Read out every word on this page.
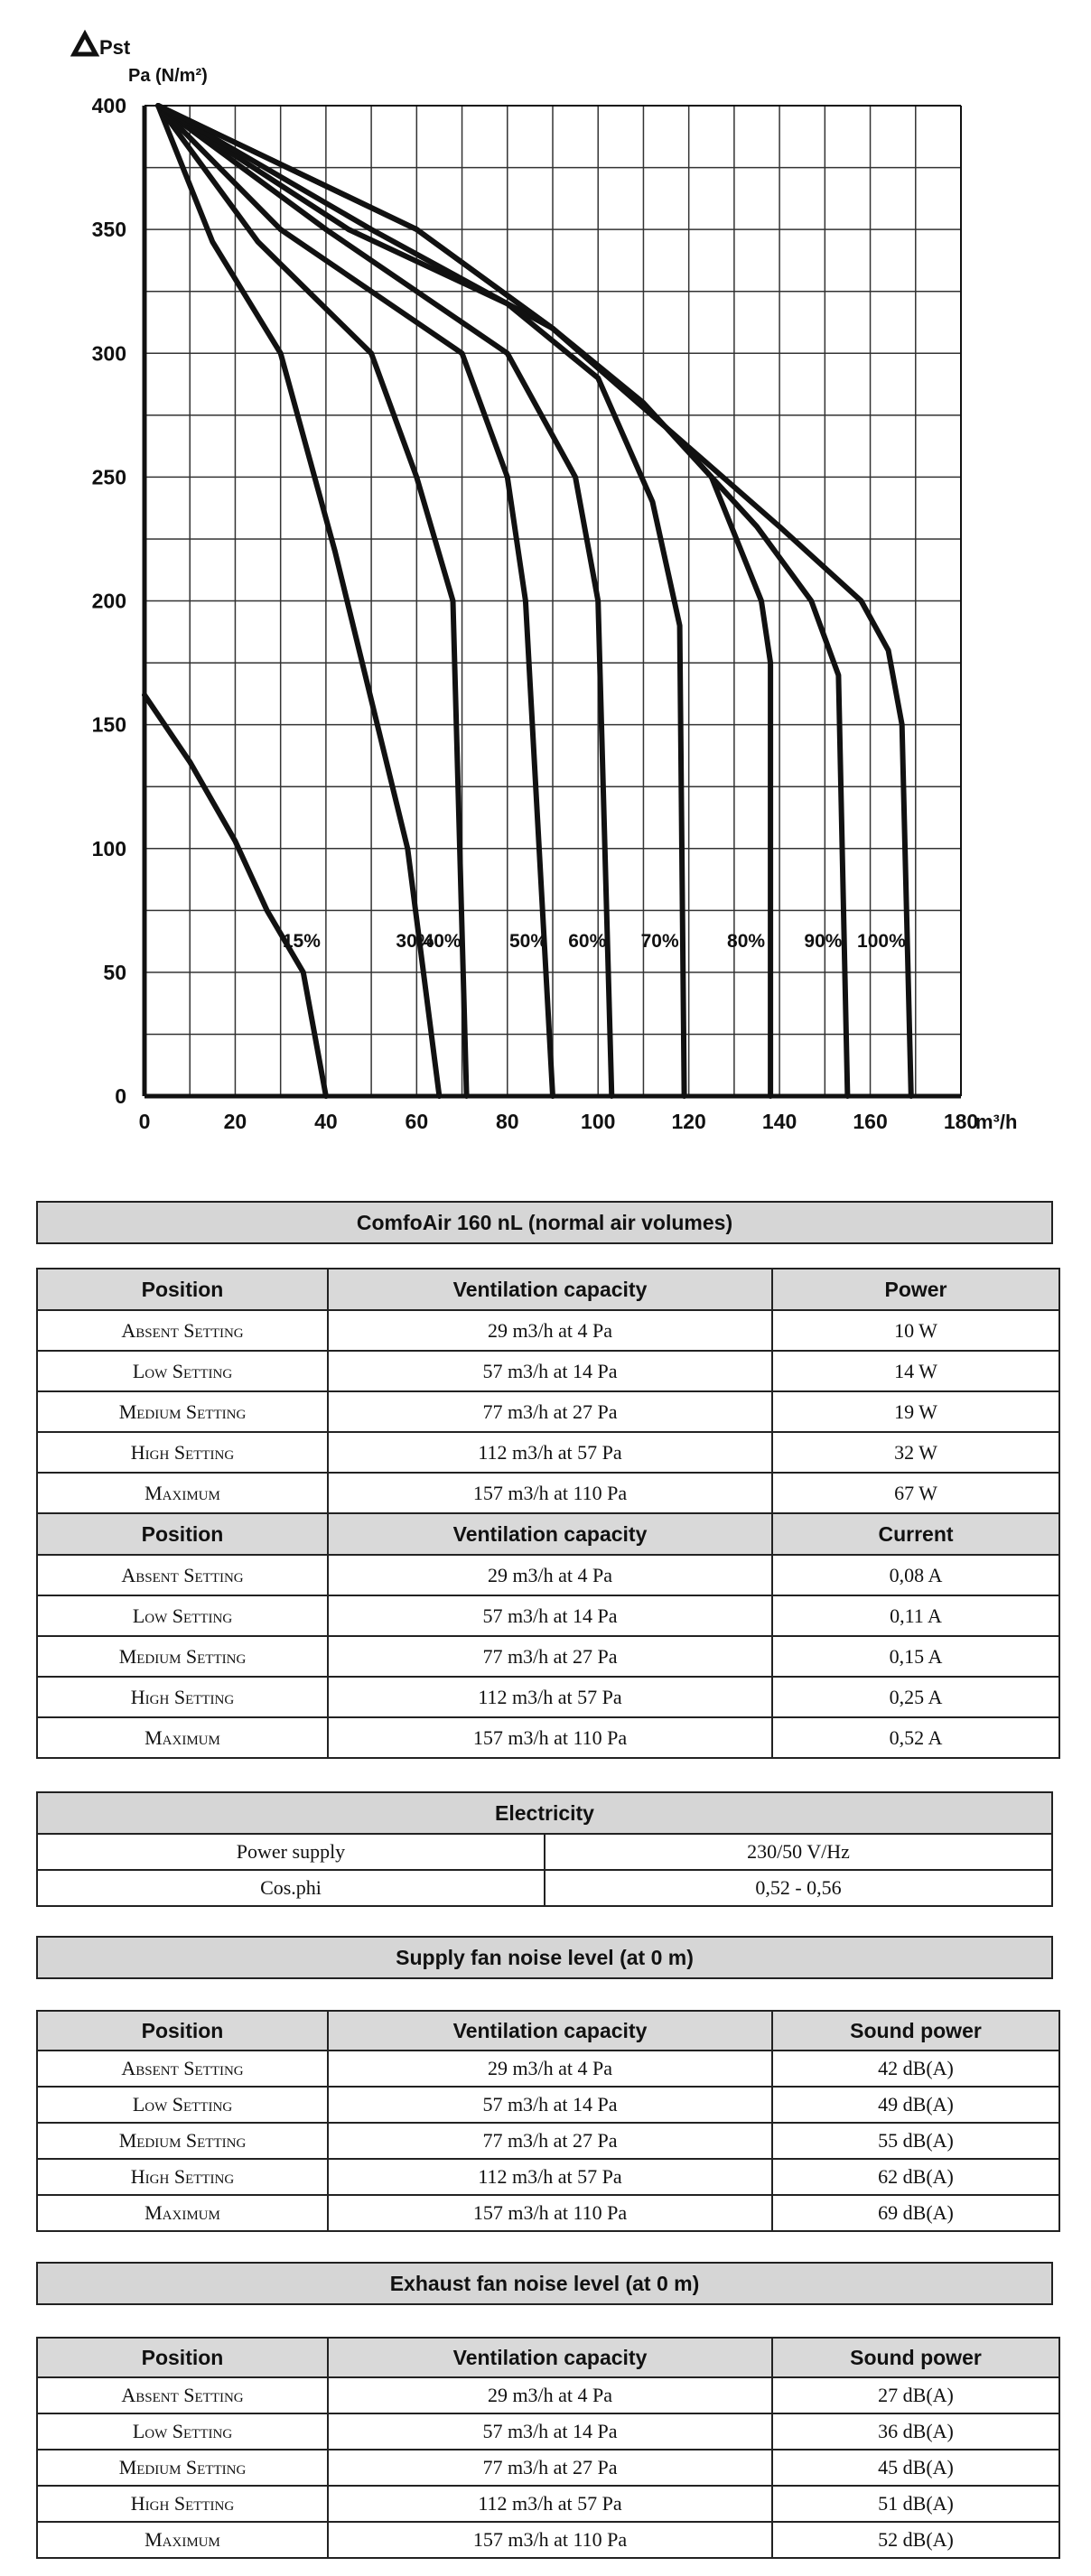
0
50
100
150
200
250
300
350
400
0	20	40	60	80	100	120	140	160	180
15%	30%
40%	50% 60% 70%	80% 90% 100%
Pst
Pa (N/m²)
m³/h
ComfoAir 160 nL (normal air volumes)
Position	Ventilation capacity	Power
Absent Setting	29 m3/h at 4 Pa	10 W
Low Setting	57 m3/h at 14 Pa	14 W
Medium Setting	77 m3/h at 27 Pa	19 W
High Setting	112 m3/h at 57 Pa	32 W
Maximum	157 m3/h at 110 Pa	67 W
Position	Ventilation capacity	Current
Absent Setting	29 m3/h at 4 Pa	0,08 A
Low Setting	57 m3/h at 14 Pa	0,11 A
Medium Setting	77 m3/h at 27 Pa	0,15 A
High Setting	112 m3/h at 57 Pa	0,25 A
Maximum	157 m3/h at 110 Pa	0,52 A
Electricity	
Power supply	230/50 V/Hz
Cos.phi	0,52 - 0,56
Supply fan noise level (at 0 m)
Position	Ventilation capacity	Sound power
Absent Setting	29 m3/h at 4 Pa	42 dB(A)
Low Setting	57 m3/h at 14 Pa	49 dB(A)
Medium Setting	77 m3/h at 27 Pa	55 dB(A)
High Setting	112 m3/h at 57 Pa	62 dB(A)
Maximum	157 m3/h at 110 Pa	69 dB(A)
Exhaust fan noise level (at 0 m)
Position	Ventilation capacity	Sound power
Absent Setting	29 m3/h at 4 Pa	27 dB(A)
Low Setting	57 m3/h at 14 Pa	36 dB(A)
Medium Setting	77 m3/h at 27 Pa	45 dB(A)
High Setting	112 m3/h at 57 Pa	51 dB(A)
Maximum	157 m3/h at 110 Pa	52 dB(A)
